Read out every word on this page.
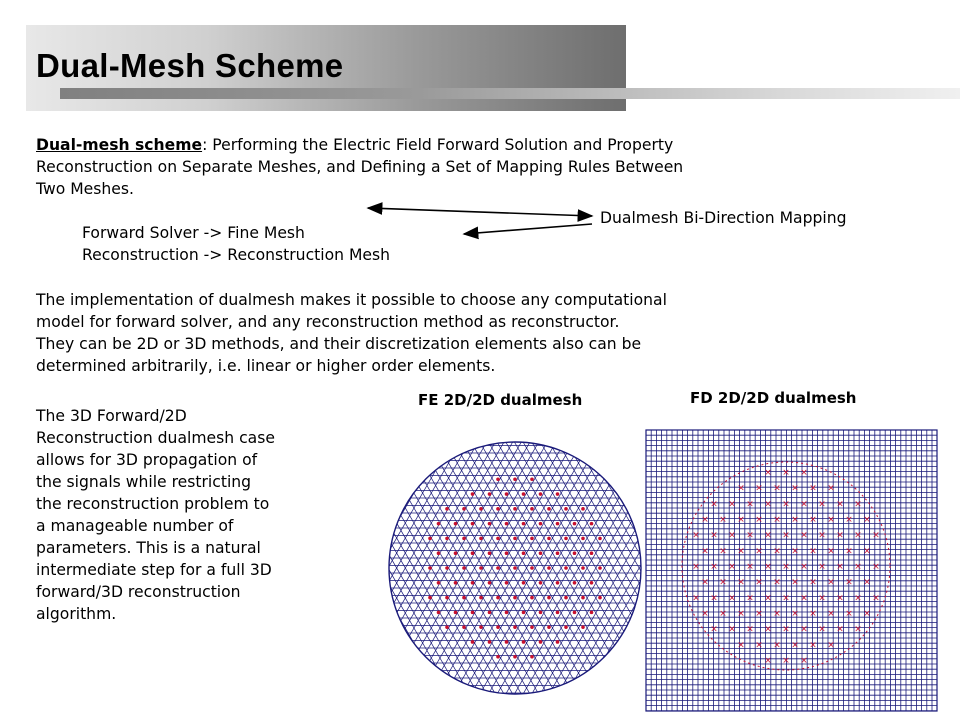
Dual-Mesh Scheme
Dual-mesh scheme: Performing the Electric Field Forward Solution and Property
Reconstruction on Separate Meshes, and Defining a Set of Mapping Rules Between
Two Meshes.
Forward Solver -> Fine Mesh
Reconstruction -> Reconstruction Mesh
Dualmesh Bi-Direction Mapping
The implementation of dualmesh makes it possible to choose any computational
model for forward solver, and any reconstruction method as reconstructor.
They can be 2D or 3D methods, and their discretization elements also can be
determined arbitrarily, i.e. linear or higher order elements.
The 3D Forward/2D
Reconstruction dualmesh case
allows for 3D propagation of
the signals while restricting
the reconstruction problem to
a manageable number of
parameters. This is a natural
intermediate step for a full 3D
forward/3D reconstruction
algorithm.
FE 2D/2D dualmesh	FD 2D/2D dualmesh
× × ×
× × × × × ×
× × × × × × × × ×
× × × × × × × × × ×
× × × × × × × × × × ×
× × × × × × × × × ×
× × × × × × × × × × ×
× × × × × × × × × ×
× × × × × × × × × × ×
× × × × × × × × × ×
× × × × × × × × ×
× × × × × ×
× × ×
